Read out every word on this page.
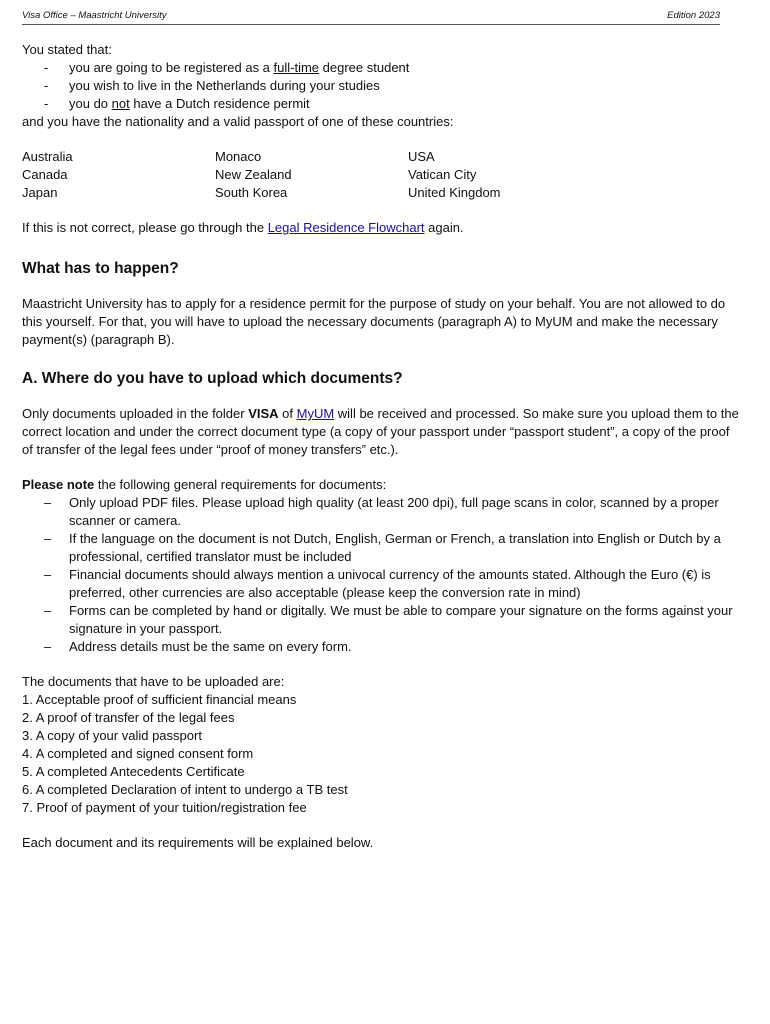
Visa Office – Maastricht University	Edition 2023

You stated that:

- you are going to be registered as a full-time degree student
- you wish to live in the Netherlands during your studies
- you do not have a Dutch residence permit

and you have the nationality and a valid passport of one of these countries:

Australia	Monaco	USA
Canada	New Zealand	Vatican City
Japan	South Korea	United Kingdom

If this is not correct, please go through the Legal Residence Flowchart again.

What has to happen?

Maastricht University has to apply for a residence permit for the purpose of study on your behalf. You are not allowed to do this yourself. For that, you will have to upload the necessary documents (paragraph A) to MyUM and make the necessary payment(s) (paragraph B).

A. Where do you have to upload which documents?

Only documents uploaded in the folder VISA of MyUM will be received and processed. So make sure you upload them to the correct location and under the correct document type (a copy of your passport under “passport student”, a copy of the proof of transfer of the legal fees under “proof of money transfers” etc.).

Please note the following general requirements for documents:

– Only upload PDF files. Please upload high quality (at least 200 dpi), full page scans in color, scanned by a proper scanner or camera.
– If the language on the document is not Dutch, English, German or French, a translation into English or Dutch by a professional, certified translator must be included
– Financial documents should always mention a univocal currency of the amounts stated. Although the Euro (€) is preferred, other currencies are also acceptable (please keep the conversion rate in mind)
– Forms can be completed by hand or digitally. We must be able to compare your signature on the forms against your signature in your passport.
– Address details must be the same on every form.

The documents that have to be uploaded are:

1. Acceptable proof of sufficient financial means
2. A proof of transfer of the legal fees
3. A copy of your valid passport
4. A completed and signed consent form
5. A completed Antecedents Certificate
6. A completed Declaration of intent to undergo a TB test
7. Proof of payment of your tuition/registration fee

Each document and its requirements will be explained below.
